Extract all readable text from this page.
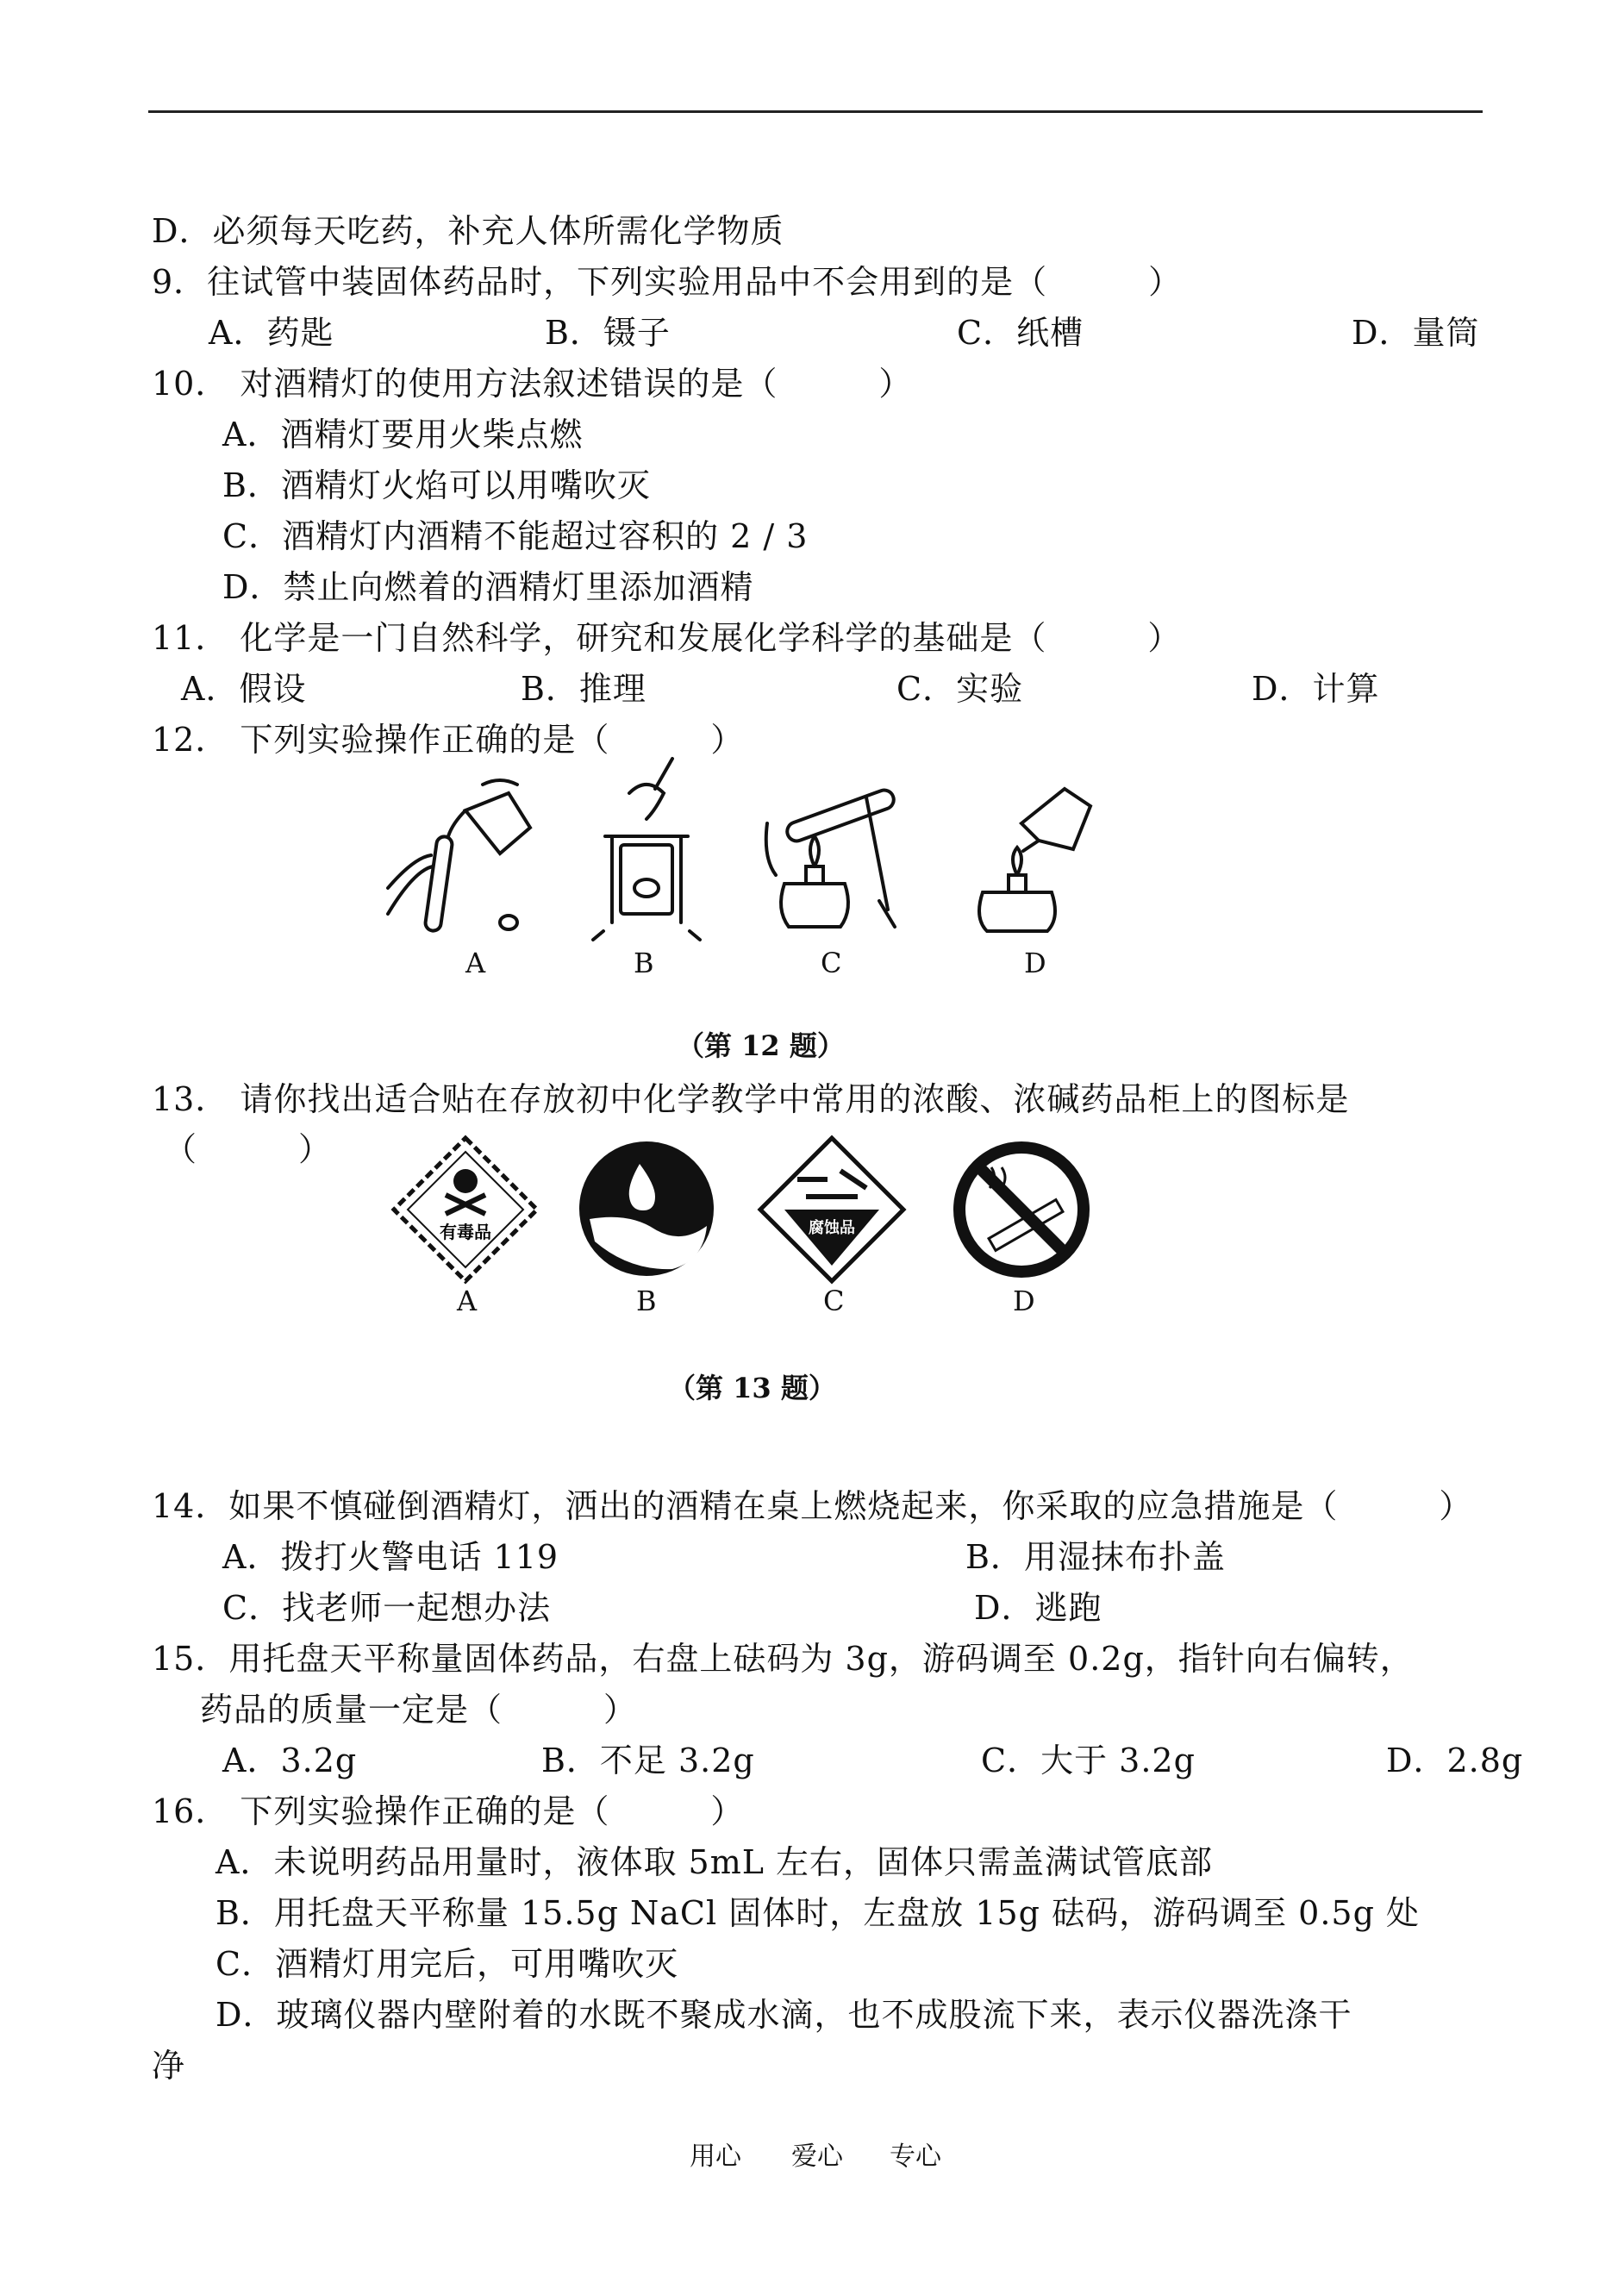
D．必须每天吃药，补充人体所需化学物质
9．往试管中装固体药品时，下列实验用品中不会用到的是（　　　）
A．药匙	B．镊子	C．纸槽	D．量筒
10． 对酒精灯的使用方法叙述错误的是（　　　）
A．酒精灯要用火柴点燃
B．酒精灯火焰可以用嘴吹灭
C．酒精灯内酒精不能超过容积的 2 / 3
D．禁止向燃着的酒精灯里添加酒精
11． 化学是一门自然科学，研究和发展化学科学的基础是（　　　）
A．假设	B．推理	C．实验	D．计算
12． 下列实验操作正确的是（　　　）
A	B	C	D
（第 12 题）
13． 请你找出适合贴在存放初中化学教学中常用的浓酸、浓碱药品柜上的图标是
（　　　）
有毒品
A	B
腐蚀品
C	D
（第 13 题）
14．如果不慎碰倒酒精灯，洒出的酒精在桌上燃烧起来，你采取的应急措施是（　　　）
A．拨打火警电话 119	B．用湿抹布扑盖
C．找老师一起想办法	D．逃跑
15．用托盘天平称量固体药品，右盘上砝码为 3g，游码调至 0.2g，指针向右偏转，
药品的质量一定是（　　　）
A．3.2g	B．不足 3.2g	C．大于 3.2g	D．2.8g
16． 下列实验操作正确的是（　　　）
A．未说明药品用量时，液体取 5mL 左右，固体只需盖满试管底部
B．用托盘天平称量 15.5g NaCl 固体时，左盘放 15g 砝码，游码调至 0.5g 处
C．酒精灯用完后，可用嘴吹灭
D．玻璃仪器内壁附着的水既不聚成水滴，也不成股流下来，表示仪器洗涤干
净
用心 爱心 专心
